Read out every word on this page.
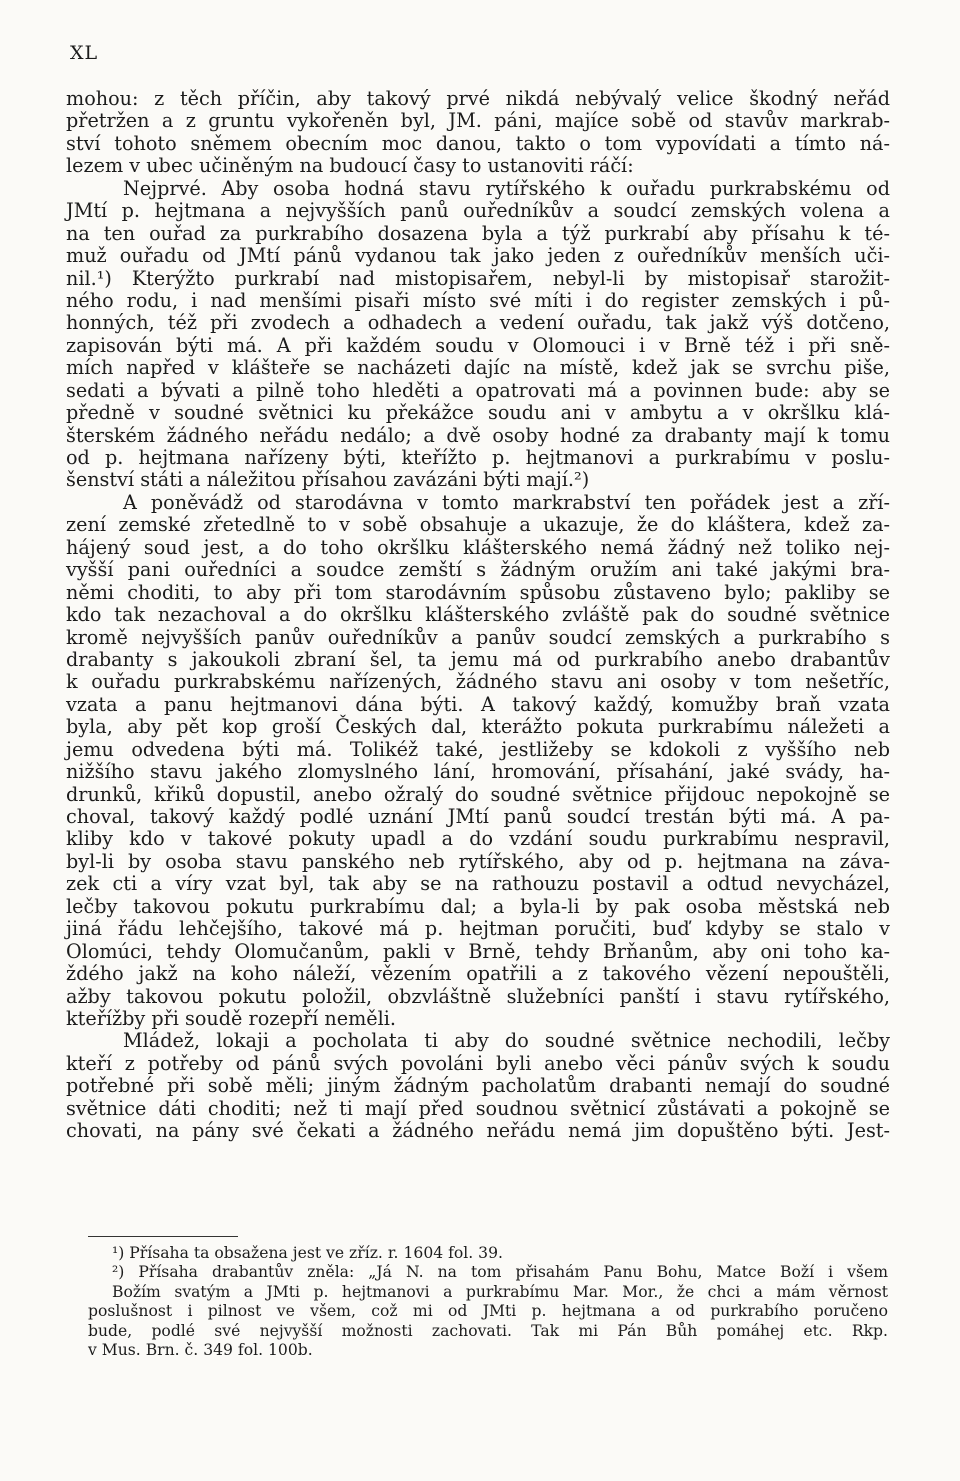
XL
mohou: z těch příčin, aby takový prvé nikdá nebývalý velice škodný neřád
přetržen a z gruntu vykořeněn byl, JM. páni, majíce sobě od stavův markrab-
ství tohoto sněmem obecním moc danou, takto o tom vypovídati a tímto ná-
lezem v ubec učiněným na budoucí časy to ustanoviti ráčí:
Nejprvé. Aby osoba hodná stavu rytířského k ouřadu purkrabskému od
JMtí p. hejtmana a nejvyšších panů ouředníkův a soudcí zemských volena a
na ten ouřad za purkrabího dosazena byla a týž purkrabí aby přísahu k té-
muž ouřadu od JMtí pánů vydanou tak jako jeden z ouředníkův menších uči-
nil.¹) Kterýžto purkrabí nad mistopisařem, nebyl-li by mistopisař starožit-
ného rodu, i nad menšími pisaři místo své míti i do register zemských i pů-
honných, též při zvodech a odhadech a vedení ouřadu, tak jakž výš dotčeno,
zapisován býti má. A při každém soudu v Olomouci i v Brně též i při sně-
mích napřed v klášteře se nacházeti dajíc na místě, kdež jak se svrchu piše,
sedati a bývati a pilně toho hleděti a opatrovati má a povinnen bude: aby se
předně v soudné světnici ku překážce soudu ani v ambytu a v okršlku klá-
šterském žádného neřádu nedálo; a dvě osoby hodné za drabanty mají k tomu
od p. hejtmana nařízeny býti, kteřížto p. hejtmanovi a purkrabímu v poslu-
šenství státi a náležitou přísahou zavázáni býti mají.²)
A poněvádž od starodávna v tomto markrabství ten pořádek jest a zří-
zení zemské zřetedlně to v sobě obsahuje a ukazuje, že do kláštera, kdež za-
hájený soud jest, a do toho okršlku klášterského nemá žádný než toliko nej-
vyšší pani ouředníci a soudce zemští s žádným oružím ani také jakými bra-
němi choditi, to aby při tom starodávním spůsobu zůstaveno bylo; pakliby se
kdo tak nezachoval a do okršlku klášterského zvláště pak do soudné světnice
kromě nejvyšších panův ouředníkův a panův soudcí zemských a purkrabího s
drabanty s jakoukoli zbraní šel, ta jemu má od purkrabího anebo drabantův
k ouřadu purkrabskému nařízených, žádného stavu ani osoby v tom nešetříc,
vzata a panu hejtmanovi dána býti. A takový každý, komužby braň vzata
byla, aby pět kop groší Českých dal, kterážto pokuta purkrabímu náležeti a
jemu odvedena býti má. Tolikéž také, jestližeby se kdokoli z vyššího neb
nižšího stavu jakého zlomyslného lání, hromování, přísahání, jaké svády, ha-
drunků, křiků dopustil, anebo ožralý do soudné světnice přijdouc nepokojně se
choval, takový každý podlé uznání JMtí panů soudcí trestán býti má. A pa-
kliby kdo v takové pokuty upadl a do vzdání soudu purkrabímu nespravil,
byl-li by osoba stavu panského neb rytířského, aby od p. hejtmana na záva-
zek cti a víry vzat byl, tak aby se na rathouzu postavil a odtud nevycházel,
lečby takovou pokutu purkrabímu dal; a byla-li by pak osoba městská neb
jiná řádu lehčejšího, takové má p. hejtman poručiti, buď kdyby se stalo v
Olomúci, tehdy Olomučanům, pakli v Brně, tehdy Brňanům, aby oni toho ka-
ždého jakž na koho náleží, vězením opatřili a z takového vězení nepouštěli,
ažby takovou pokutu položil, obzvláštně služebníci panští i stavu rytířského,
kteřížby při soudě rozepří neměli.
Mládež, lokaji a pocholata ti aby do soudné světnice nechodili, lečby
kteří z potřeby od pánů svých povoláni byli anebo věci pánův svých k soudu
potřebné při sobě měli; jiným žádným pacholatům drabanti nemají do soudné
světnice dáti choditi; než ti mají před soudnou světnicí zůstávati a pokojně se
chovati, na pány své čekati a žádného neřádu nemá jim dopuštěno býti. Jest-
¹) Přísaha ta obsažena jest ve zříz. r. 1604 fol. 39.
²) Přísaha drabantův zněla: „Já N. na tom přisahám Panu Bohu, Matce Boží i všem
Božím svatým a JMti p. hejtmanovi a purkrabímu Mar. Mor., že chci a mám věrnost
poslušnost i pilnost ve všem, což mi od JMti p. hejtmana a od purkrabího poručeno
bude, podlé své nejvyšší možnosti zachovati. Tak mi Pán Bůh pomáhej etc. Rkp.
v Mus. Brn. č. 349 fol. 100b.
